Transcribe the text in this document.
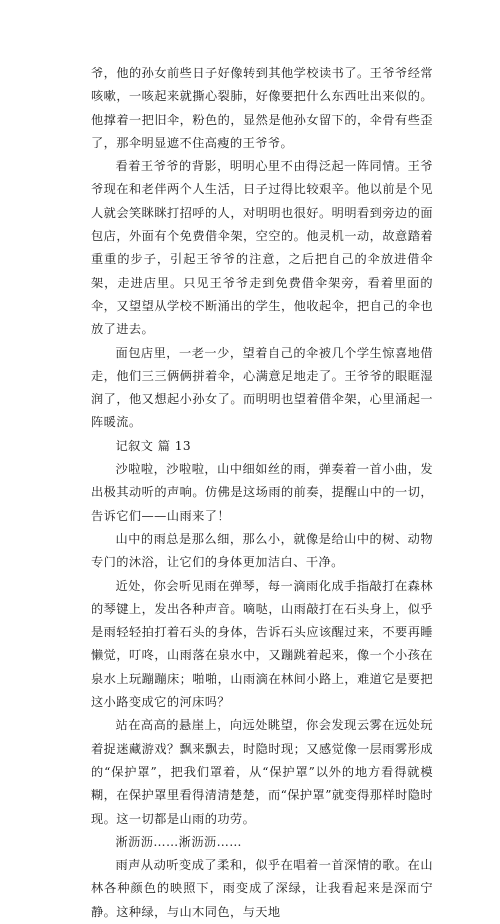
爷，他的孙女前些日子好像转到其他学校读书了。王爷爷经常咳嗽，一咳起来就撕心裂肺，好像要把什么东西吐出来似的。他撑着一把旧伞，粉色的，显然是他孙女留下的，伞骨有些歪了，那伞明显遮不住高瘦的王爷爷。

看着王爷爷的背影，明明心里不由得泛起一阵同情。王爷爷现在和老伴两个人生活，日子过得比较艰辛。他以前是个见人就会笑眯眯打招呼的人，对明明也很好。明明看到旁边的面包店，外面有个免费借伞架，空空的。他灵机一动，故意踏着重重的步子，引起王爷爷的注意，之后把自己的伞放进借伞架，走进店里。只见王爷爷走到免费借伞架旁，看着里面的伞，又望望从学校不断涌出的学生，他收起伞，把自己的伞也放了进去。

面包店里，一老一少，望着自己的伞被几个学生惊喜地借走，他们三三俩俩拼着伞，心满意足地走了。王爷爷的眼眶湿润了，他又想起小孙女了。而明明也望着借伞架，心里涌起一阵暖流。

记叙文 篇 13

沙啦啦，沙啦啦，山中细如丝的雨，弹奏着一首小曲，发出极其动听的声响。仿佛是这场雨的前奏，提醒山中的一切，告诉它们——山雨来了！

山中的雨总是那么细，那么小，就像是给山中的树、动物专门的沐浴，让它们的身体更加洁白、干净。

近处，你会听见雨在弹琴，每一滴雨化成手指敲打在森林的琴键上，发出各种声音。嘀哒，山雨敲打在石头身上，似乎是雨轻轻拍打着石头的身体，告诉石头应该醒过来，不要再睡懒觉，叮咚，山雨落在泉水中，又蹦跳着起来，像一个小孩在泉水上玩蹦蹦床；啪啪，山雨滴在林间小路上，难道它是要把这小路变成它的河床吗？

站在高高的悬崖上，向远处眺望，你会发现云雾在远处玩着捉迷藏游戏？飘来飘去，时隐时现；又感觉像一层雨雾形成的“保护罩”，把我们罩着，从“保护罩”以外的地方看得就模糊，在保护罩里看得清清楚楚，而“保护罩”就变得那样时隐时现。这一切都是山雨的功劳。

淅沥沥……淅沥沥……

雨声从动听变成了柔和，似乎在唱着一首深情的歌。在山林各种颜色的映照下，雨变成了深绿，让我看起来是深而宁静。这种绿，与山木同色，与天地
